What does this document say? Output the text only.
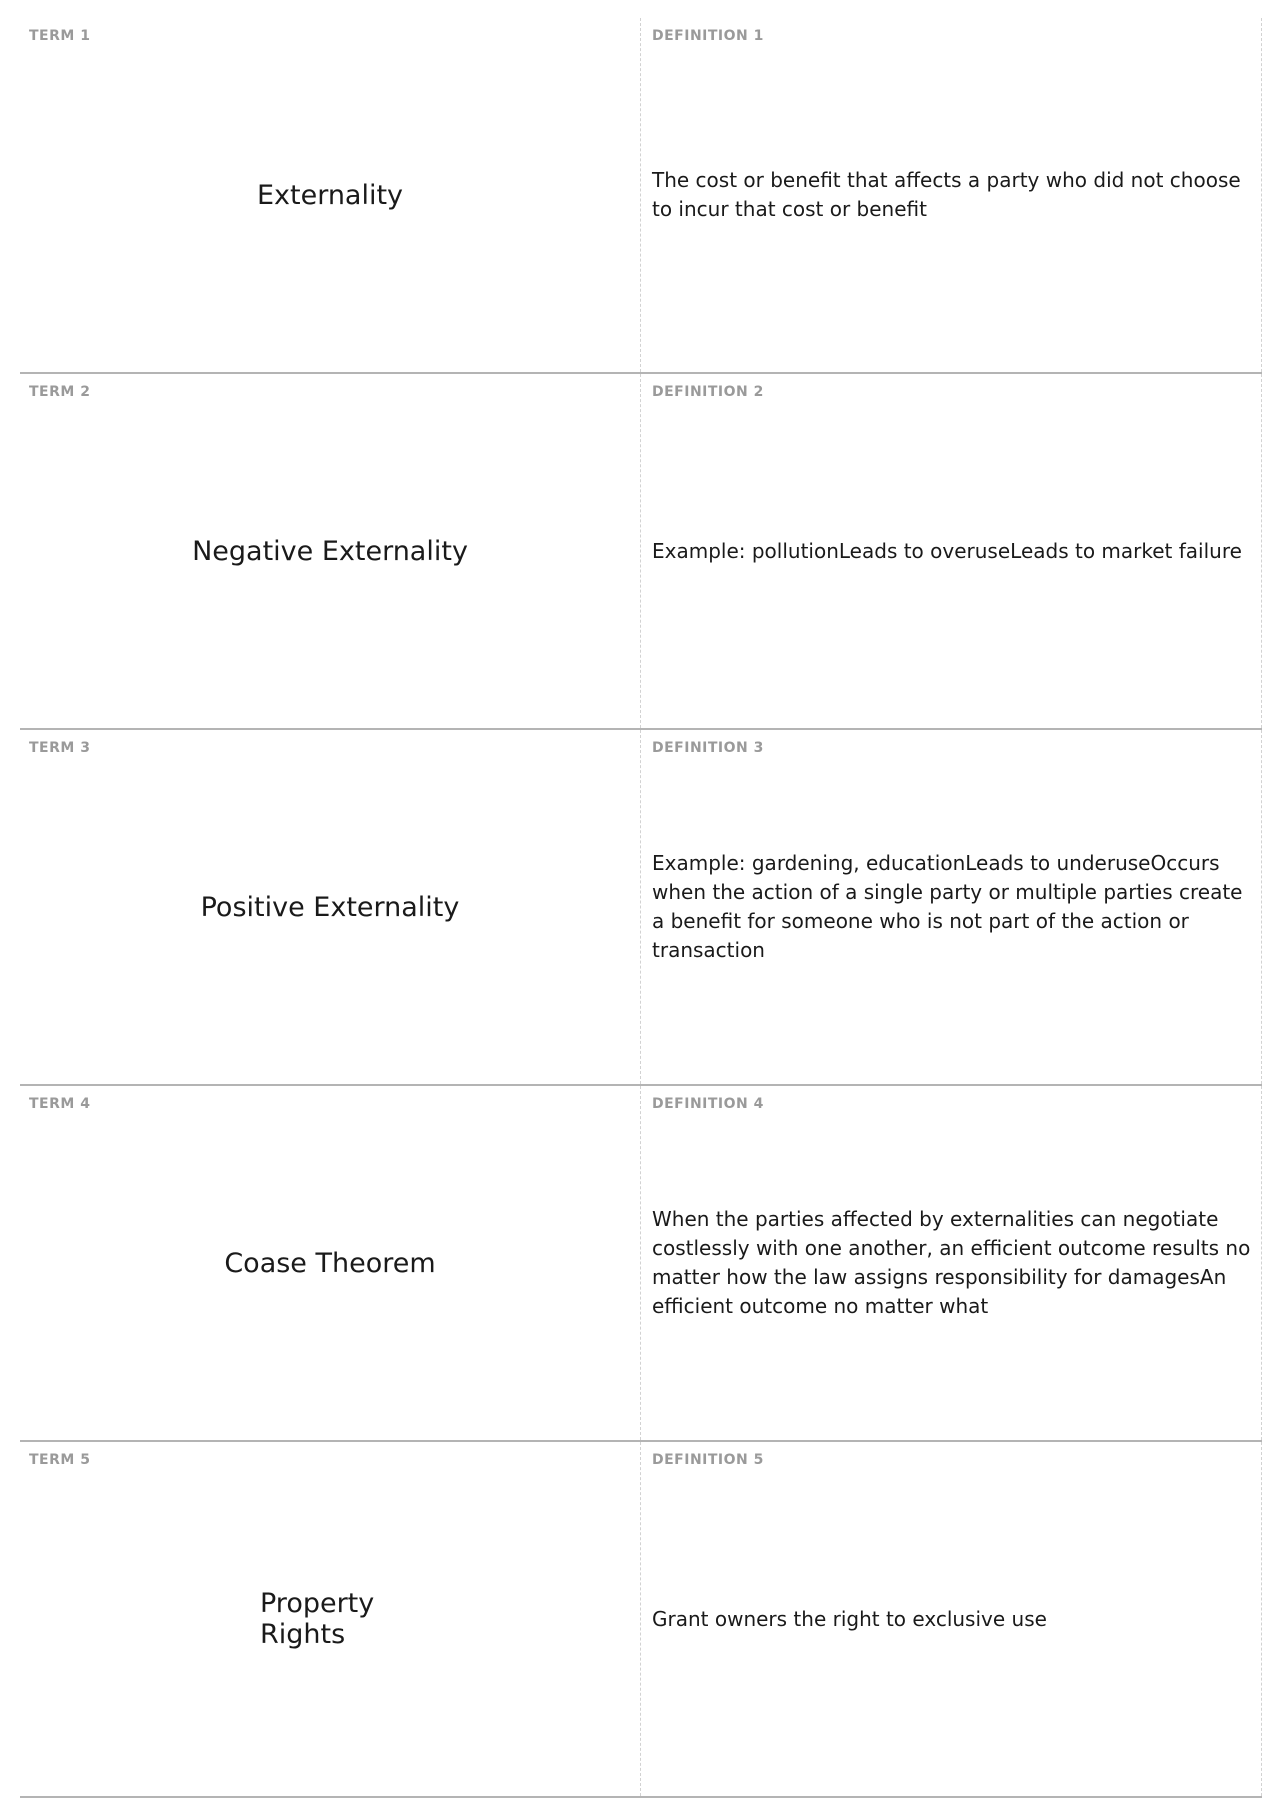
TERM 1
Externality
DEFINITION 1
The cost or benefit that affects a party who did not choose to incur that cost or benefit
TERM 2
Negative Externality
DEFINITION 2
Example: pollutionLeads to overuseLeads to market failure
TERM 3
Positive Externality
DEFINITION 3
Example: gardening, educationLeads to underuseOccurs when the action of a single party or multiple parties create a benefit for someone who is not part of the action or transaction
TERM 4
Coase Theorem
DEFINITION 4
When the parties affected by externalities can negotiate costlessly with one another, an efficient outcome results no matter how the law assigns responsibility for damagesAn efficient outcome no matter what
TERM 5
Property Rights
DEFINITION 5
Grant owners the right to exclusive use
